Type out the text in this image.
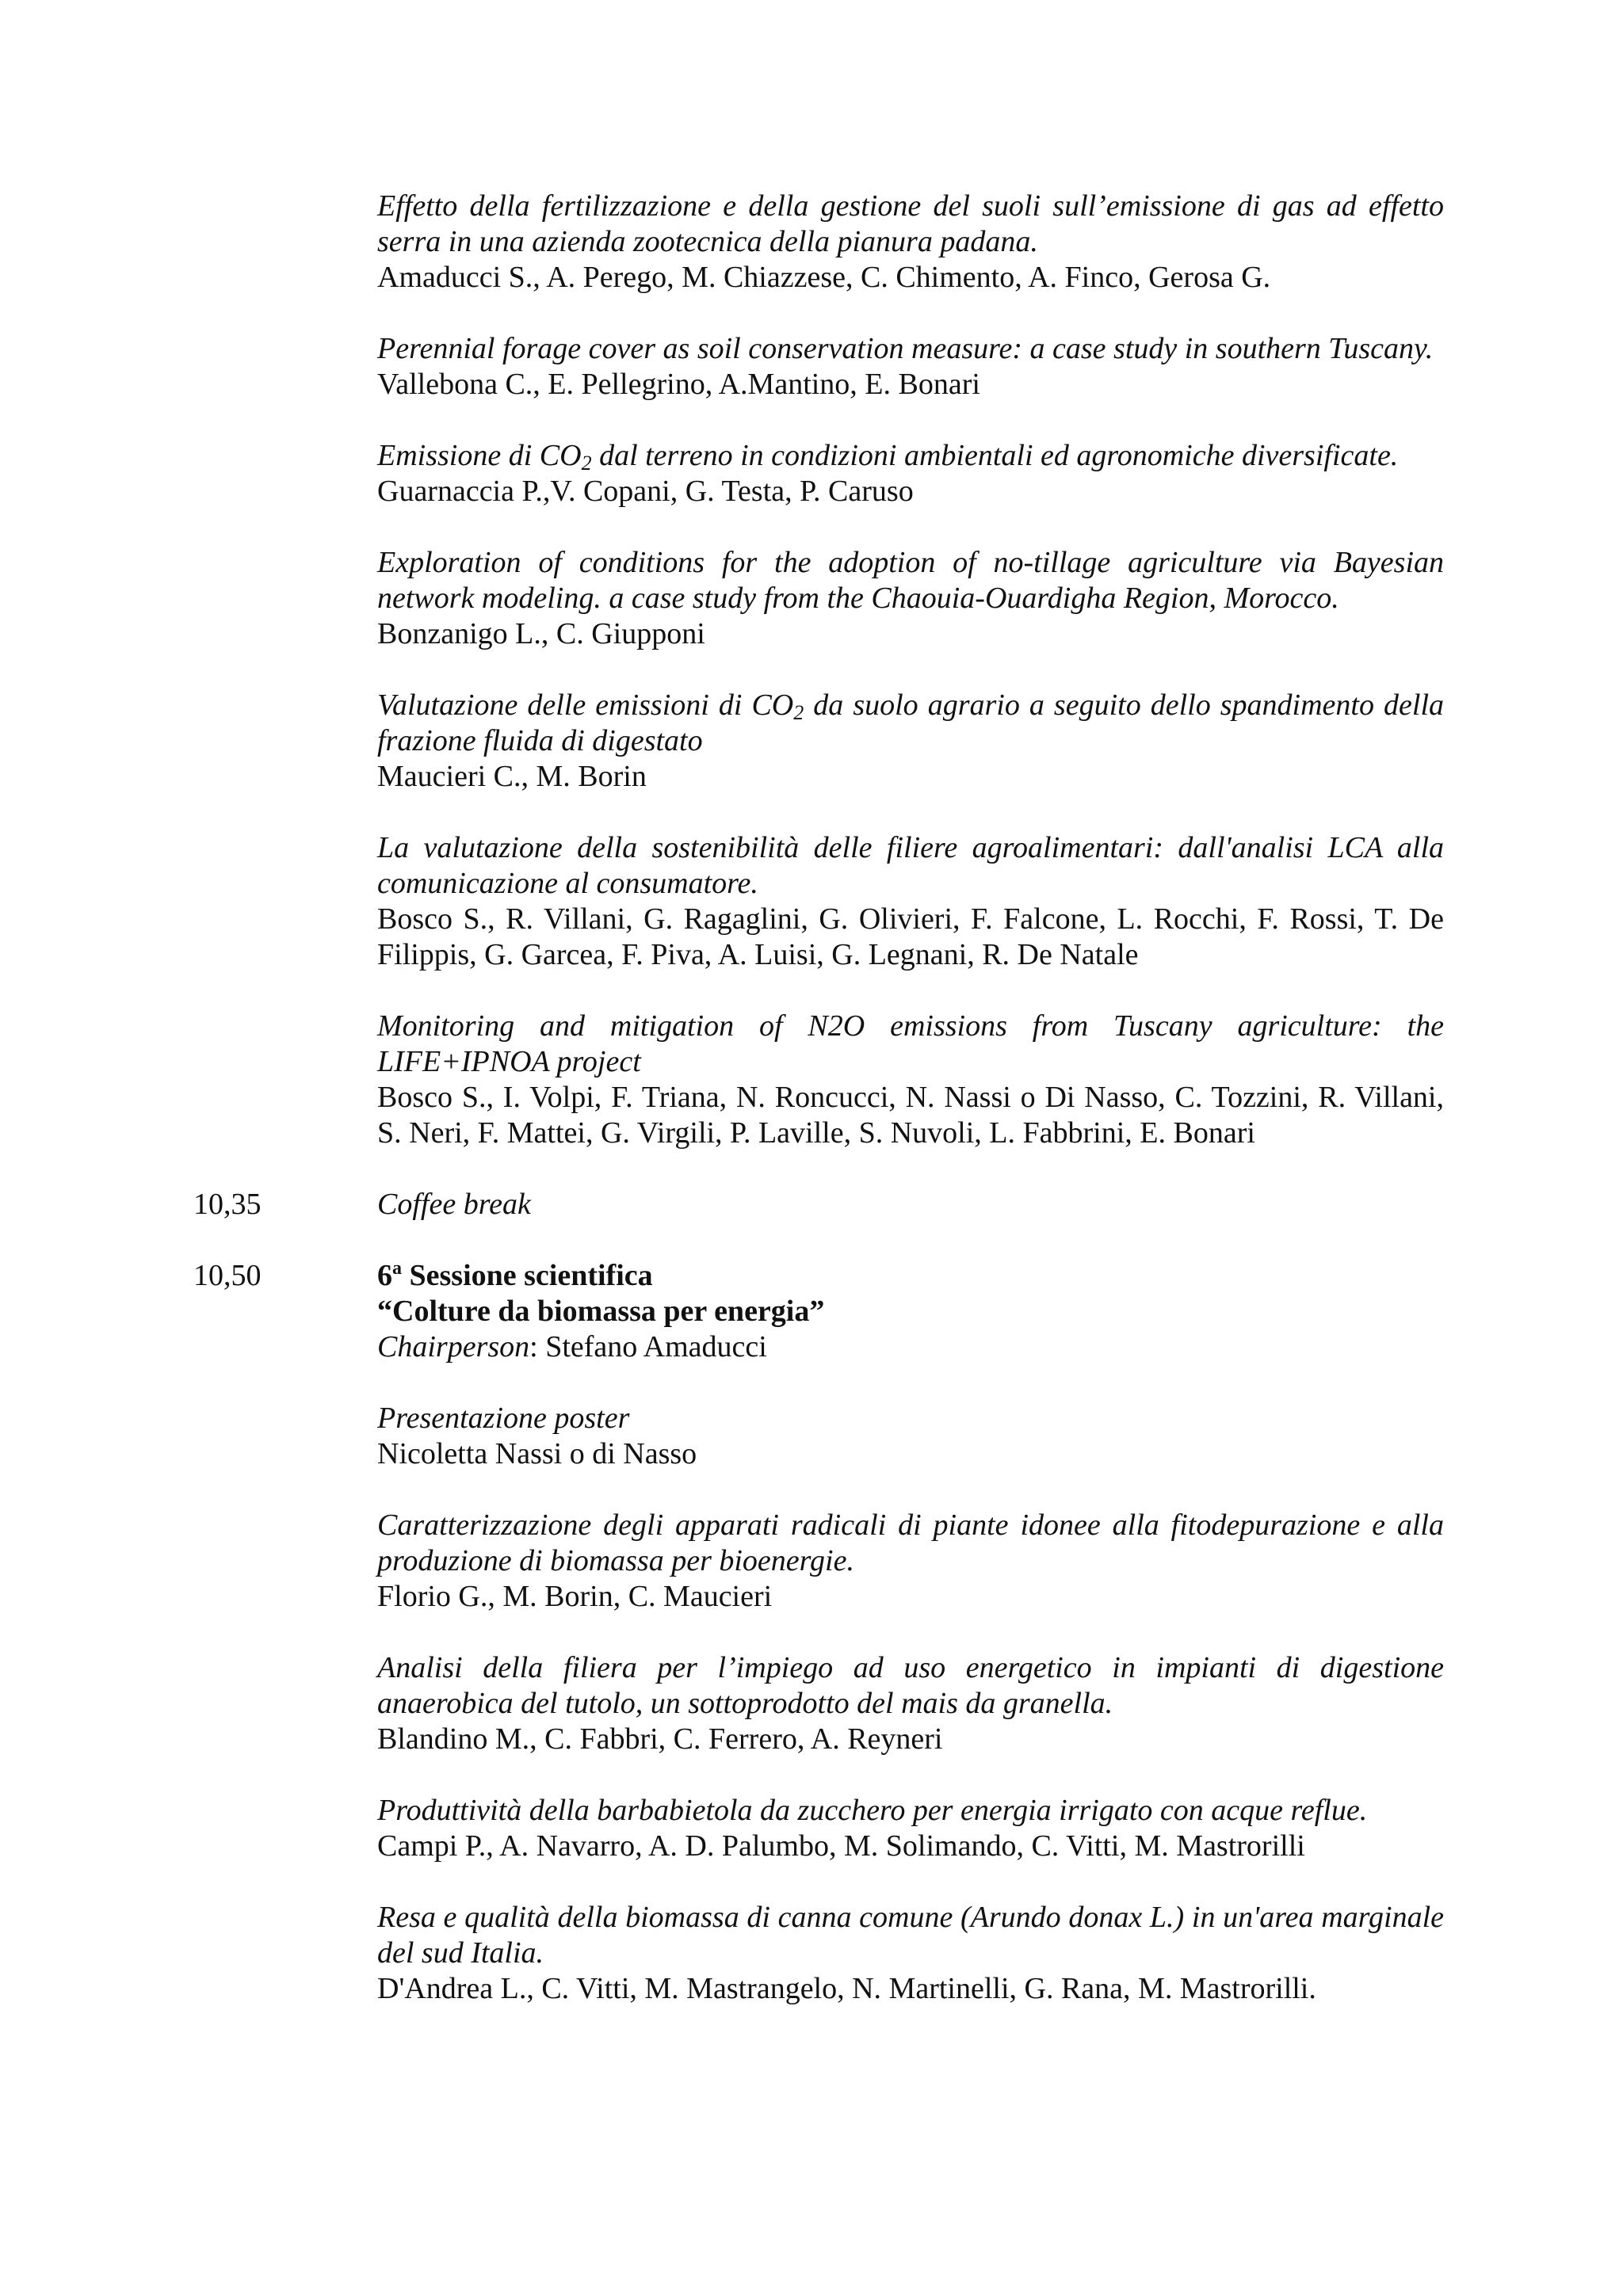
Effetto della fertilizzazione e della gestione del suoli sull’emissione di gas ad effetto serra in una azienda zootecnica della pianura padana.
Amaducci S., A. Perego, M. Chiazzese, C. Chimento, A. Finco, Gerosa G.
Perennial forage cover as soil conservation measure: a case study in southern Tuscany.
Vallebona C., E. Pellegrino, A.Mantino, E. Bonari
Emissione di $CO_2$ dal terreno in condizioni ambientali ed agronomiche diversificate.
Guarnaccia P.,V. Copani, G. Testa, P. Caruso
Exploration of conditions for the adoption of no-tillage agriculture via Bayesian network modeling. a case study from the Chaouia-Ouardigha Region, Morocco.
Bonzanigo L., C. Giupponi
Valutazione delle emissioni di $CO_2$ da suolo agrario a seguito dello spandimento della frazione fluida di digestato
Maucieri C., M. Borin
La valutazione della sostenibilità delle filiere agroalimentari: dall'analisi LCA alla comunicazione al consumatore.
Bosco S., R. Villani, G. Ragaglini, G. Olivieri, F. Falcone, L. Rocchi, F. Rossi, T. De Filippis, G. Garcea, F. Piva, A. Luisi, G. Legnani, R. De Natale
Monitoring and mitigation of N2O emissions from Tuscany agriculture: the LIFE+IPNOA project
Bosco S., I. Volpi, F. Triana, N. Roncucci, N. Nassi o Di Nasso, C. Tozzini, R. Villani, S. Neri, F. Mattei, G. Virgili, P. Laville, S. Nuvoli, L. Fabbrini, E. Bonari
10,35	Coffee break
10,50	6$^a$ Sessione scientifica
“Colture da biomassa per energia”
Chairperson: Stefano Amaducci
Presentazione poster
Nicoletta Nassi o di Nasso
Caratterizzazione degli apparati radicali di piante idonee alla fitodepurazione e alla produzione di biomassa per bioenergie.
Florio G., M. Borin, C. Maucieri
Analisi della filiera per l’impiego ad uso energetico in impianti di digestione anaerobica del tutolo, un sottoprodotto del mais da granella.
Blandino M., C. Fabbri, C. Ferrero, A. Reyneri
Produttività della barbabietola da zucchero per energia irrigato con acque reflue.
Campi P., A. Navarro, A. D. Palumbo, M. Solimando, C. Vitti, M. Mastrorilli
Resa e qualità della biomassa di canna comune (Arundo donax L.) in un'area marginale del sud Italia.
D'Andrea L., C. Vitti, M. Mastrangelo, N. Martinelli, G. Rana, M. Mastrorilli.
